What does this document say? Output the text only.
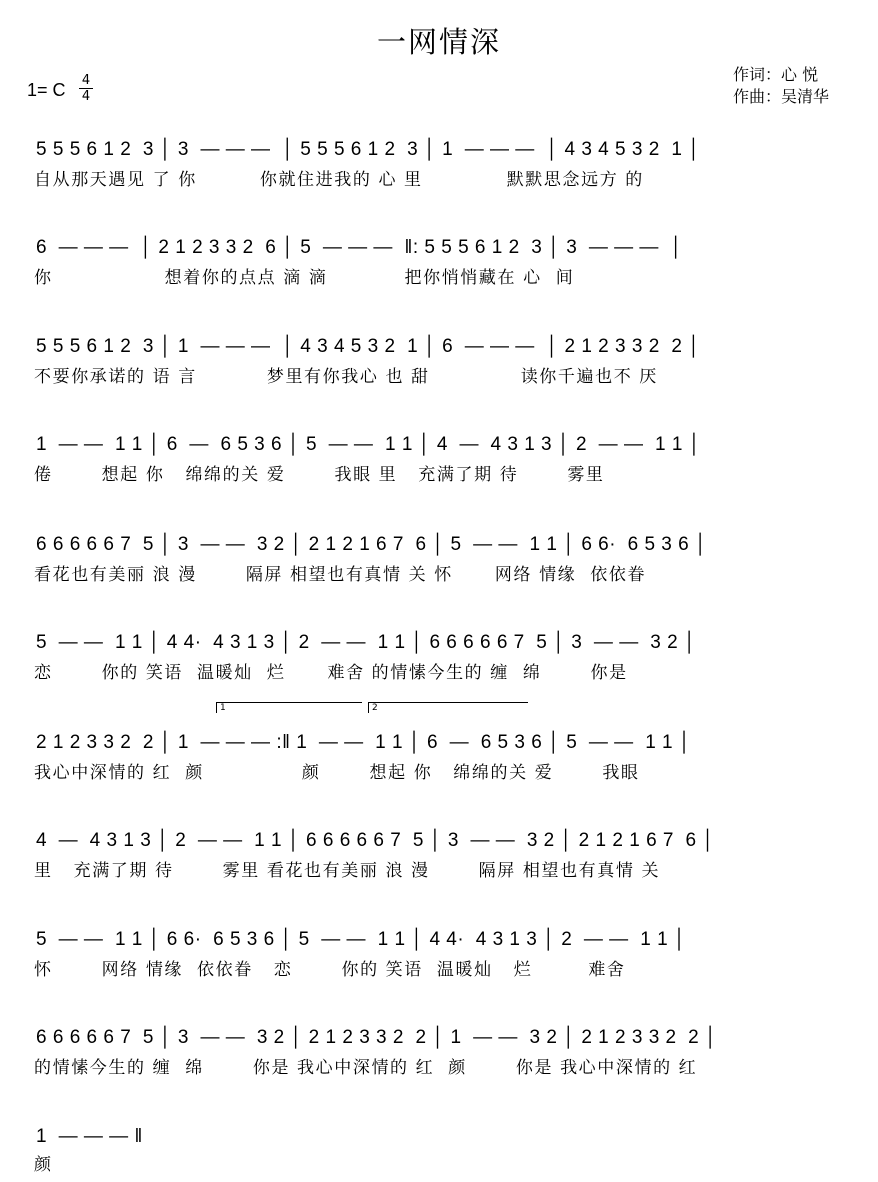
一网情深
1= C 4
4
作词：心 悦
作曲：吴清华
5 5 5 6 1 2  3 │ 3  — — —  │ 5 5 5 6 1 2  3 │ 1  — — —  │ 4 3 4 5 3 2  1 │
自从那天遇见 了 你         你就住进我的 心 里            默默思念远方 的
6  — — —  │ 2 1 2 3 3 2  6 │ 5  — — —  ‖: 5 5 5 6 1 2  3 │ 3  — — —  │
你                想着你的点点 滴 滴           把你悄悄藏在 心  间
5 5 5 6 1 2  3 │ 1  — — —  │ 4 3 4 5 3 2  1 │ 6  — — —  │ 2 1 2 3 3 2  2 │
不要你承诺的 语 言          梦里有你我心 也 甜             读你千遍也不 厌
1  — —  1 1 │ 6  —  6 5 3 6 │ 5  — —  1 1 │ 4  —  4 3 1 3 │ 2  — —  1 1 │
倦       想起 你   绵绵的关 爱       我眼 里   充满了期 待       雾里
6 6 6 6 6 7  5 │ 3  — —  3 2 │ 2 1 2 1 6 7  6 │ 5  — —  1 1 │ 6 6·  6 5 3 6 │
看花也有美丽 浪 漫       隔屏 相望也有真情 关 怀      网络 情缘  依依眷
5  — —  1 1 │ 4 4·  4 3 1 3 │ 2  — —  1 1 │ 6 6 6 6 6 7  5 │ 3  — —  3 2 │
恋       你的 笑语  温暖灿  烂      难舍 的情愫今生的 缠  绵       你是
1	2
2 1 2 3 3 2  2 │ 1  — — — :‖ 1  — —  1 1 │ 6  —  6 5 3 6 │ 5  — —  1 1 │
我心中深情的 红  颜              颜       想起 你   绵绵的关 爱       我眼
4  —  4 3 1 3 │ 2  — —  1 1 │ 6 6 6 6 6 7  5 │ 3  — —  3 2 │ 2 1 2 1 6 7  6 │
里   充满了期 待       雾里 看花也有美丽 浪 漫       隔屏 相望也有真情 关
5  — —  1 1 │ 6 6·  6 5 3 6 │ 5  — —  1 1 │ 4 4·  4 3 1 3 │ 2  — —  1 1 │
怀       网络 情缘  依依眷   恋       你的 笑语  温暖灿   烂        难舍
6 6 6 6 6 7  5 │ 3  — —  3 2 │ 2 1 2 3 3 2  2 │ 1  — —  3 2 │ 2 1 2 3 3 2  2 │
的情愫今生的 缠  绵       你是 我心中深情的 红  颜       你是 我心中深情的 红
1  — — — ‖
颜
